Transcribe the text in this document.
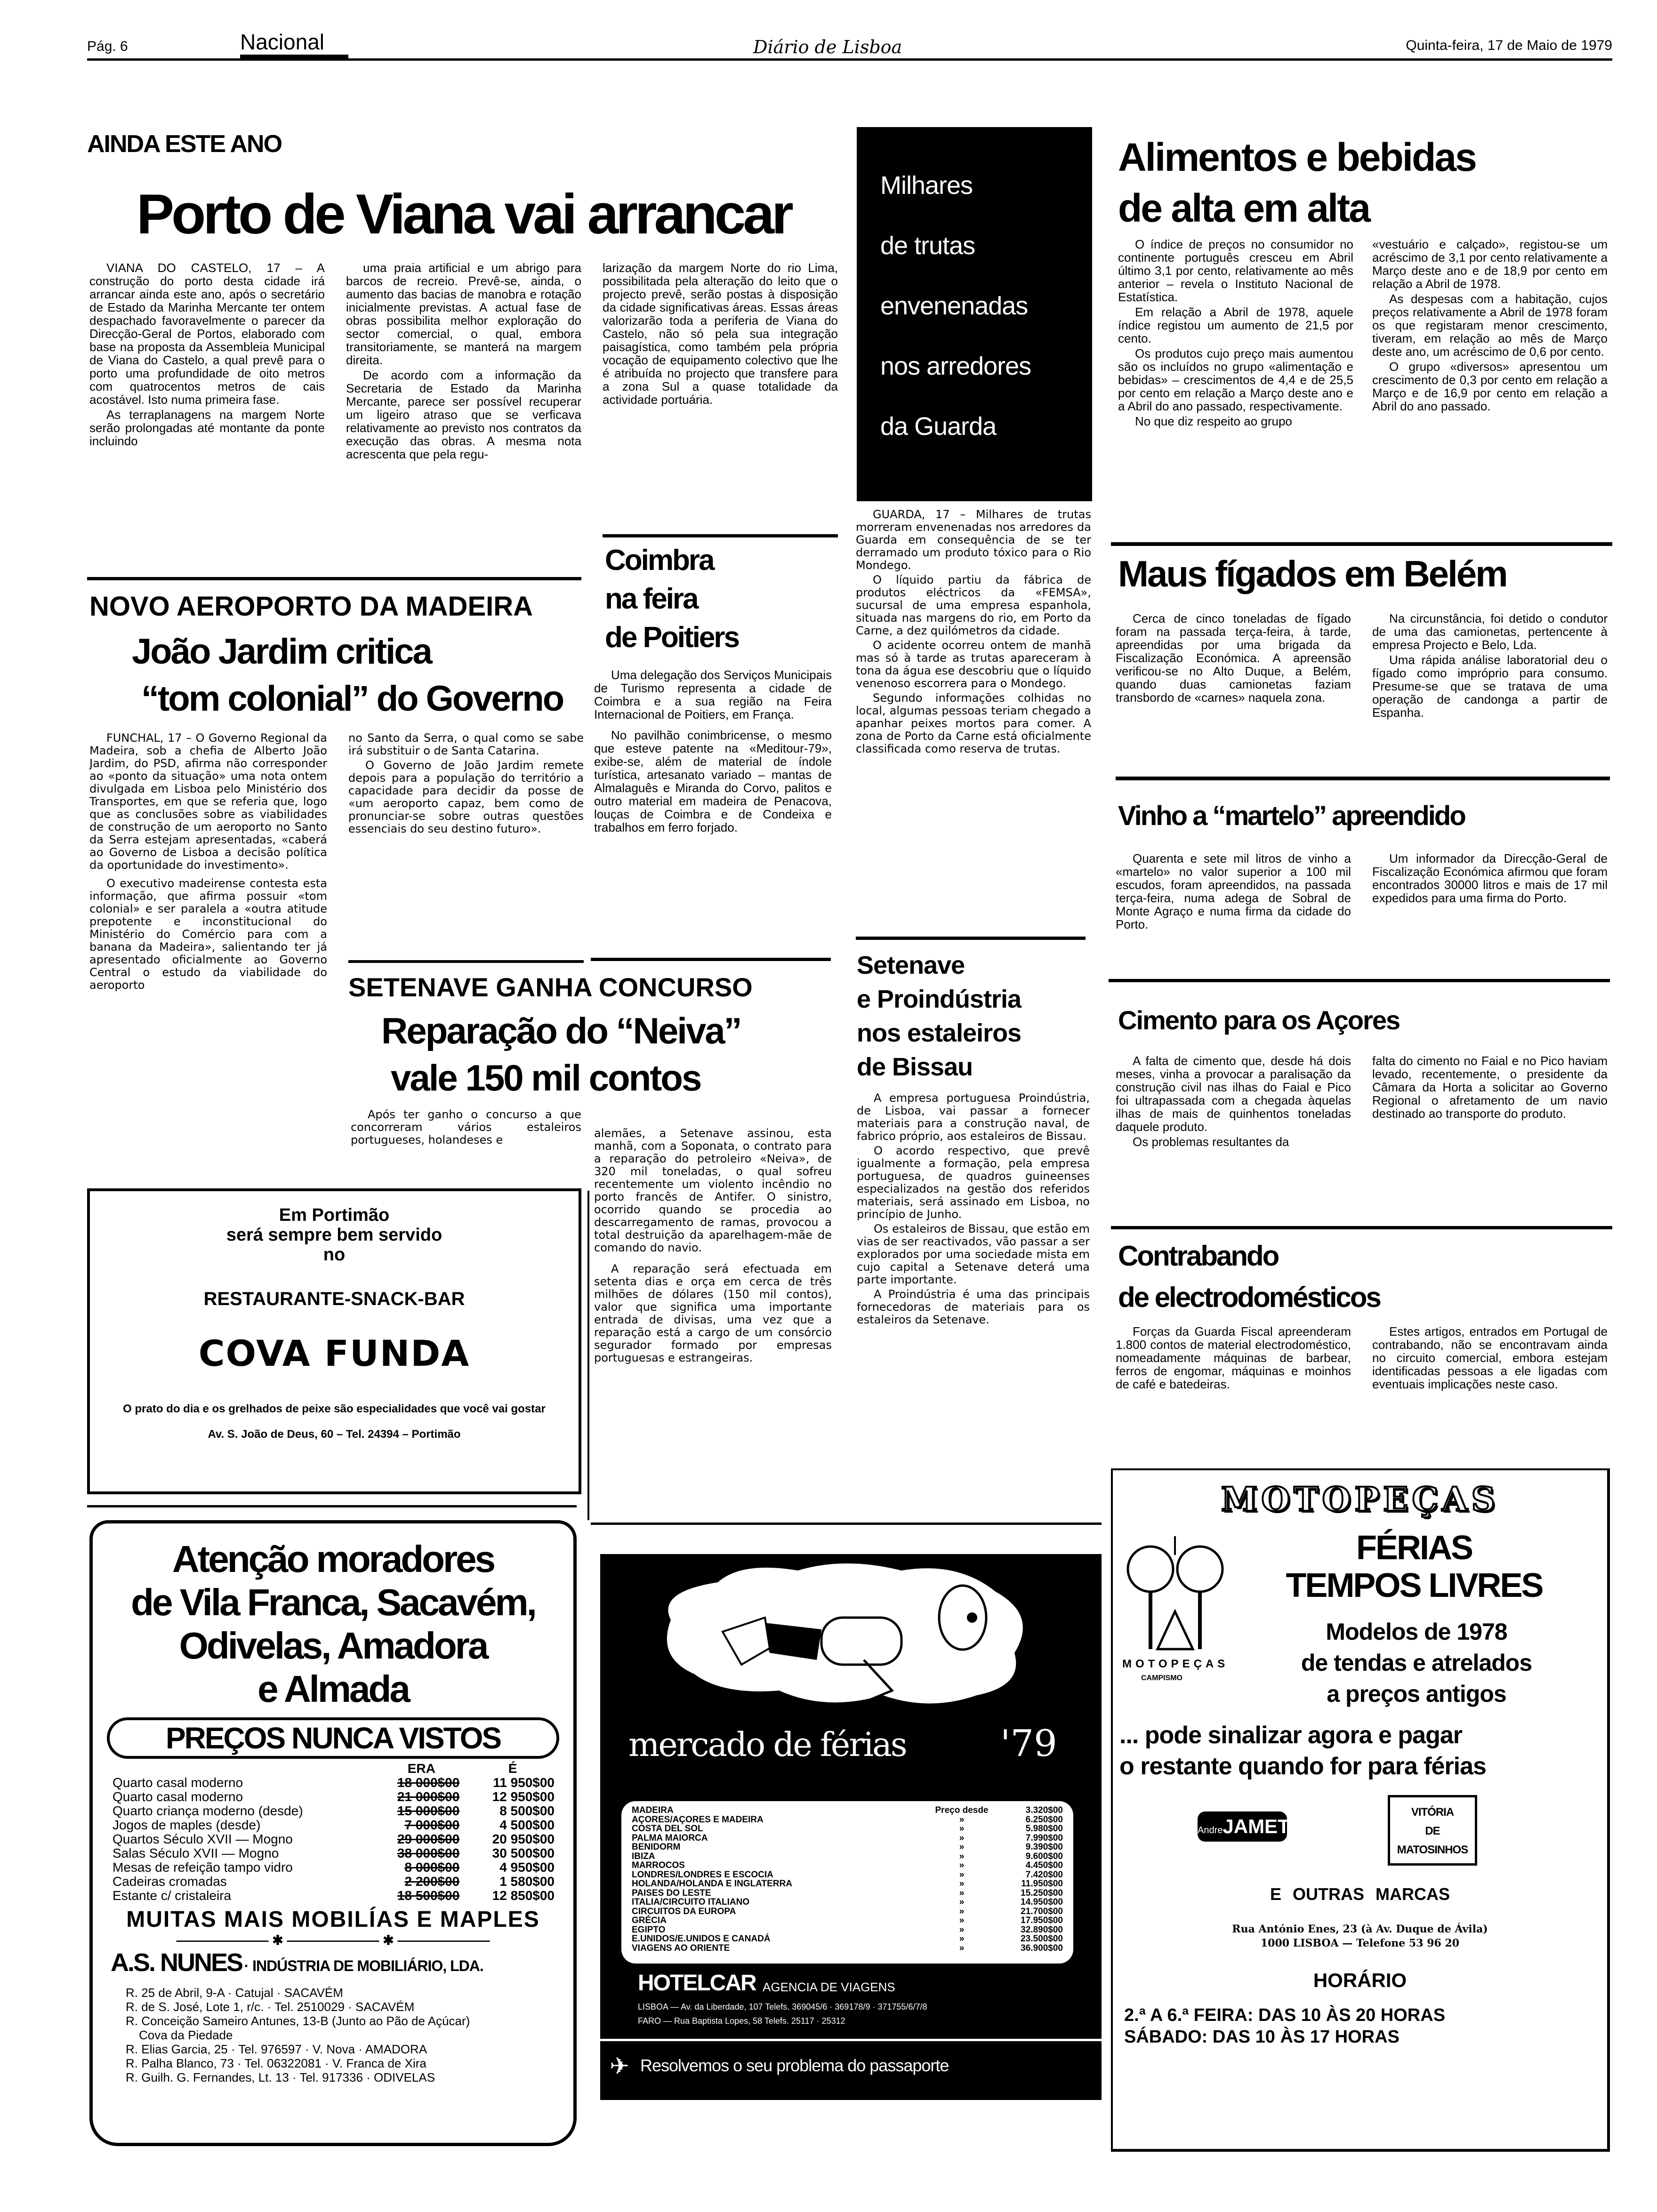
Pág. 6	Nacional	Diário de Lisboa	Quinta-feira, 17 de Maio de 1979
AINDA ESTE ANO
Porto de Viana vai arrancar

VIANA DO CASTELO, 17 – A construção do porto desta cidade irá arrancar ainda este ano, após o secretário de Estado da Marinha Mercante ter ontem despachado favoravelmente o parecer da Direcção-Geral de Portos, elaborado com base na proposta da Assembleia Municipal de Viana do Castelo, a qual prevê para o porto uma profundidade de oito metros com quatrocentos metros de cais acostável. Isto numa primeira fase.

As terraplanagens na margem Norte serão prolongadas até montante da ponte incluindo

uma praia artificial e um abrigo para barcos de recreio. Prevê-se, ainda, o aumento das bacias de manobra e rotação inicialmente previstas. A actual fase de obras possibilita melhor exploração do sector comercial, o qual, embora transitoriamente, se manterá na margem direita.

De acordo com a informação da Secretaria de Estado da Marinha Mercante, parece ser possível recuperar um ligeiro atraso que se verficava relativamente ao previsto nos contratos da execução das obras. A mesma nota acrescenta que pela regu-

larização da margem Norte do rio Lima, possibilitada pela alteração do leito que o projecto prevê, serão postas à disposição da cidade significativas áreas. Essas áreas valorizarão toda a periferia de Viana do Castelo, não só pela sua integração paisagística, como também pela própria vocação de equipamento colectivo que lhe é atribuída no projecto que transfere para a zona Sul a quase totalidade da actividade portuária.

Milhares
de trutas
envenenadas
nos arredores
da Guarda

GUARDA, 17 – Milhares de trutas morreram envenenadas nos arredores da Guarda em consequência de se ter derramado um produto tóxico para o Rio Mondego.

O líquido partiu da fábrica de produtos eléctricos da «FEMSA», sucursal de uma empresa espanhola, situada nas margens do rio, em Porto da Carne, a dez quilómetros da cidade.

O acidente ocorreu ontem de manhã mas só à tarde as trutas apareceram à tona da água ese descobriu que o líquido venenoso escorrera para o Mondego.

Segundo informações colhidas no local, algumas pessoas teriam chegado a apanhar peixes mortos para comer. A zona de Porto da Carne está oficialmente classificada como reserva de trutas.

Alimentos e bebidas
de alta em alta

O índice de preços no consumidor no continente português cresceu em Abril último 3,1 por cento, relativamente ao mês anterior – revela o Instituto Nacional de Estatística.

Em relação a Abril de 1978, aquele índice registou um aumento de 21,5 por cento.

Os produtos cujo preço mais aumentou são os incluídos no grupo «alimentação e bebidas» – crescimentos de 4,4 e de 25,5 por cento em relação a Março deste ano e a Abril do ano passado, respectivamente.

No que diz respeito ao grupo

«vestuário e calçado», registou-se um acréscimo de 3,1 por cento relativamente a Março deste ano e de 18,9 por cento em relação a Abril de 1978.

As despesas com a habitação, cujos preços relativamente a Abril de 1978 foram os que registaram menor crescimento, tiveram, em relação ao mês de Março deste ano, um acréscimo de 0,6 por cento.

O grupo «diversos» apresentou um crescimento de 0,3 por cento em relação a Março e de 16,9 por cento em relação a Abril do ano passado.

NOVO AEROPORTO DA MADEIRA
João Jardim critica
“tom colonial” do Governo

FUNCHAL, 17 – O Governo Regional da Madeira, sob a chefia de Alberto João Jardim, do PSD, afirma não corresponder ao «ponto da situação» uma nota ontem divulgada em Lisboa pelo Ministério dos Transportes, em que se referia que, logo que as conclusões sobre as viabilidades de construção de um aeroporto no Santo da Serra estejam apresentadas, «caberá ao Governo de Lisboa a decisão política da oportunidade do investimento».

O executivo madeirense contesta esta informação, que afirma possuir «tom colonial» e ser paralela a «outra atitude prepotente e inconstitucional do Ministério do Comércio para com a banana da Madeira», salientando ter já apresentado oficialmente ao Governo Central o estudo da viabilidade do aeroporto

no Santo da Serra, o qual como se sabe irá substituir o de Santa Catarina.

O Governo de João Jardim remete depois para a população do território a capacidade para decidir da posse de «um aeroporto capaz, bem como de pronunciar-se sobre outras questões essenciais do seu destino futuro».

Coimbra
na feira
de Poitiers

Uma delegação dos Serviços Municipais de Turismo representa a cidade de Coimbra e a sua região na Feira Internacional de Poitiers, em França.

No pavilhão conimbricense, o mesmo que esteve patente na «Meditour-79», exibe-se, além de material de índole turística, artesanato variado – mantas de Almalaguês e Miranda do Corvo, palitos e outro material em madeira de Penacova, louças de Coimbra e de Condeixa e trabalhos em ferro forjado.

Maus fígados em Belém

Cerca de cinco toneladas de fígado foram na passada terça-feira, à tarde, apreendidas por uma brigada da Fiscalização Económica. A apreensão verificou-se no Alto Duque, a Belém, quando duas camionetas faziam transbordo de «carnes» naquela zona.

Na circunstância, foi detido o condutor de uma das camionetas, pertencente à empresa Projecto e Belo, Lda.

Uma rápida análise laboratorial deu o fígado como impróprio para consumo. Presume-se que se tratava de uma operação de candonga a partir de Espanha.

Vinho a “martelo” apreendido

Quarenta e sete mil litros de vinho a «martelo» no valor superior a 100 mil escudos, foram apreendidos, na passada terça-feira, numa adega de Sobral de Monte Agraço e numa firma da cidade do Porto.

Um informador da Direcção-Geral de Fiscalização Económica afirmou que foram encontrados 30000 litros e mais de 17 mil expedidos para uma firma do Porto.

SETENAVE GANHA CONCURSO
Reparação do “Neiva”
vale 150 mil contos

Após ter ganho o concurso a que concorreram vários estaleiros portugueses, holandeses e	alemães, a Setenave assinou, esta manhã, com a Soponata, o contrato para a reparação do petroleiro «Neiva», de 320 mil toneladas, o qual sofreu recentemente um violento incêndio no porto francês de Antifer. O sinistro, ocorrido quando se procedia ao descarregamento de ramas, provocou a total destruição da aparelhagem-mãe de comando do navio.

A reparação será efectuada em setenta dias e orça em cerca de três milhões de dólares (150 mil contos), valor que significa uma importante entrada de divisas, uma vez que a reparação está a cargo de um consórcio segurador formado por empresas portuguesas e estrangeiras.

Setenave
e Proindústria
nos estaleiros
de Bissau

A empresa portuguesa Proindústria, de Lisboa, vai passar a fornecer materiais para a construção naval, de fabrico próprio, aos estaleiros de Bissau.

O acordo respectivo, que prevê igualmente a formação, pela empresa portuguesa, de quadros guineenses especializados na gestão dos referidos materiais, será assinado em Lisboa, no princípio de Junho.

Os estaleiros de Bissau, que estão em vias de ser reactivados, vão passar a ser explorados por uma sociedade mista em cujo capital a Setenave deterá uma parte importante.

A Proindústria é uma das principais fornecedoras de materiais para os estaleiros da Setenave.

Cimento para os Açores

A falta de cimento que, desde há dois meses, vinha a provocar a paralisação da construção civil nas ilhas do Faial e Pico foi ultrapassada com a chegada àquelas ilhas de mais de quinhentos toneladas daquele produto.

Os problemas resultantes da

falta do cimento no Faial e no Pico haviam levado, recentemente, o presidente da Câmara da Horta a solicitar ao Governo Regional o afretamento de um navio destinado ao transporte do produto.

Contrabando
de electrodomésticos

Forças da Guarda Fiscal apreenderam 1.800 contos de material electrodoméstico, nomeadamente máquinas de barbear, ferros de engomar, máquinas e moinhos de café e batedeiras.

Estes artigos, entrados em Portugal de contrabando, não se encontravam ainda no circuito comercial, embora estejam identificadas pessoas a ele ligadas com eventuais implicações neste caso.

Em Portimão
será sempre bem servido
no
RESTAURANTE-SNACK-BAR
COVA FUNDA
O prato do dia e os grelhados de peixe são especialidades que você vai gostar
Av. S. João de Deus, 60 – Tel. 24394 – Portimão
Atenção moradores
de Vila Franca, Sacavém,
Odivelas, Amadora
e Almada
PREÇOS NUNCA VISTOS
	ERA	É
Quarto casal moderno	18 000$00	11 950$00
Quarto casal moderno	21 000$00	12 950$00
Quarto criança moderno (desde)	15 000$00	8 500$00
Jogos de maples (desde)	7 000$00	4 500$00
Quartos Século XVII — Mogno	29 000$00	20 950$00
Salas Século XVII — Mogno	38 000$00	30 500$00
Mesas de refeição tampo vidro	8 000$00	4 950$00
Cadeiras cromadas	2 200$00	1 580$00
Estante c/ cristaleira	18 500$00	12 850$00
MUITAS MAIS MOBILÍAS E MAPLES
——————— ✱ ——————— ✱ ———————
A.S. NUNES · INDÚSTRIA DE MOBILIÁRIO, LDA.
R. 25 de Abril, 9-A · Catujal · SACAVÉM
R. de S. José, Lote 1, r/c. · Tel. 2510029 · SACAVÉM
R. Conceição Sameiro Antunes, 13-B (Junto ao Pão de Açúcar)
Cova da Piedade
R. Elias Garcia, 25 · Tel. 976597 · V. Nova · AMADORA
R. Palha Blanco, 73 · Tel. 06322081 · V. Franca de Xira
R. Guilh. G. Fernandes, Lt. 13 · Tel. 917336 · ODIVELAS
mercado de férias	'79
MADEIRA	Preço desde	3.320$00
AÇORES/AÇORES E MADEIRA	»	6.250$00
COSTA DEL SOL	»	5.980$00
PALMA MAIORCA	»	7.990$00
BENIDORM	»	9.390$00
IBIZA	»	9.600$00
MARROCOS	»	4.450$00
LONDRES/LONDRES E ESCOCIA	»	7.420$00
HOLANDA/HOLANDA E INGLATERRA	»	11.950$00
PAISES DO LESTE	»	15.250$00
ITALIA/CIRCUITO ITALIANO	»	14.950$00
CIRCUITOS DA EUROPA	»	21.700$00
GRÉCIA	»	17.950$00
EGIPTO	»	32.890$00
E.UNIDOS/E.UNIDOS E CANADÁ	»	23.500$00
VIAGENS AO ORIENTE	»	36.900$00
HOTELCAR AGENCIA DE VIAGENS
LISBOA — Av. da Liberdade, 107 Telefs. 369045/6 · 369178/9 · 371755/6/7/8
FARO — Rua Baptista Lopes, 58 Telefs. 25117 · 25312
✈ Resolvemos o seu problema do passaporte
MOTOPEÇAS
FÉRIAS
TEMPOS LIVRES
MOTOPEÇAS
CAMPISMO
Modelos de 1978
de tendas e atrelados
a preços antigos
... pode sinalizar agora e pagar
o restante quando for para férias
AndreJAMET
VITÓRIA
DE
MATOSINHOS
E OUTRAS MARCAS
Rua António Enes, 23 (à Av. Duque de Ávila)
1000 LISBOA — Telefone 53 96 20
HORÁRIO
2.ª A 6.ª FEIRA: DAS 10 ÀS 20 HORAS
SÁBADO: DAS 10 ÀS 17 HORAS
